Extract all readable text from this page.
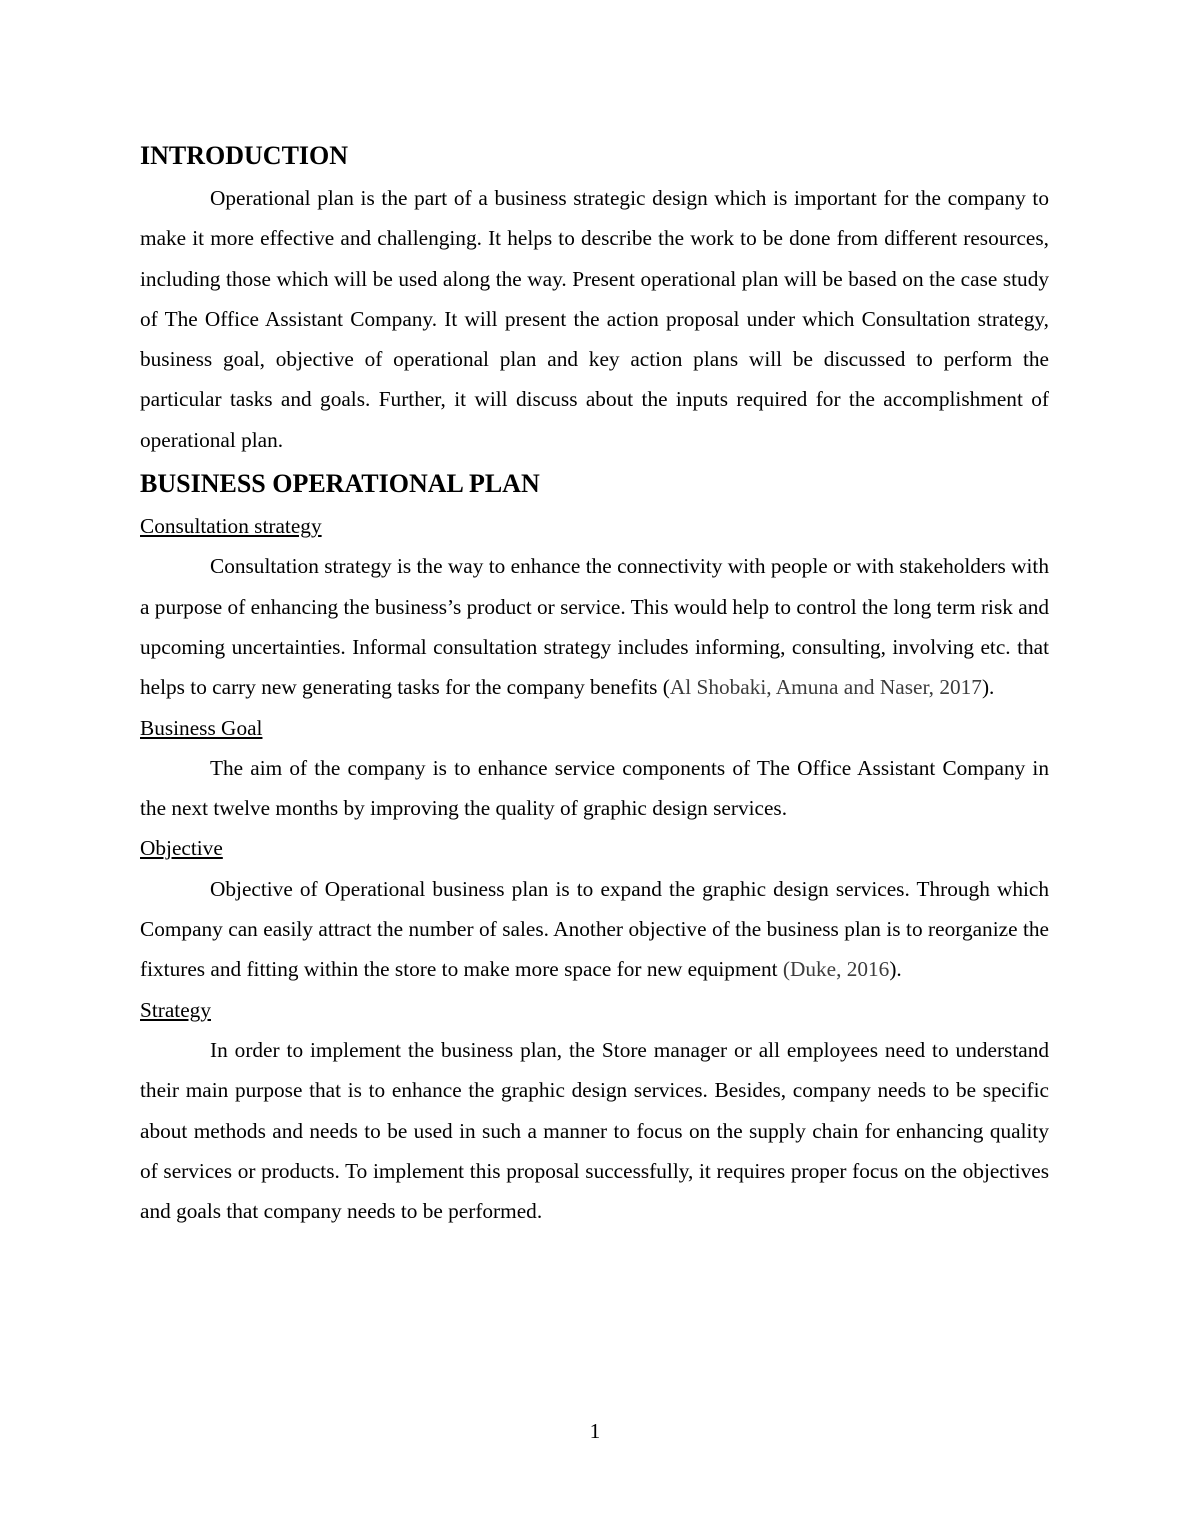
INTRODUCTION

Operational plan is the part of a business strategic design which is important for the company to make it more effective and challenging. It helps to describe the work to be done from different resources, including those which will be used along the way. Present operational plan will be based on the case study of The Office Assistant Company. It will present the action proposal under which Consultation strategy, business goal, objective of operational plan and key action plans will be discussed to perform the particular tasks and goals. Further, it will discuss about the inputs required for the accomplishment of operational plan.

BUSINESS OPERATIONAL PLAN
Consultation strategy

Consultation strategy is the way to enhance the connectivity with people or with stakeholders with a purpose of enhancing the business’s product or service. This would help to control the long term risk and upcoming uncertainties. Informal consultation strategy includes informing, consulting, involving etc. that helps to carry new generating tasks for the company benefits (Al Shobaki, Amuna and Naser, 2017).

Business Goal

The aim of the company is to enhance service components of The Office Assistant Company in the next twelve months by improving the quality of graphic design services.

Objective

Objective of Operational business plan is to expand the graphic design services. Through which Company can easily attract the number of sales. Another objective of the business plan is to reorganize the fixtures and fitting within the store to make more space for new equipment (Duke, 2016).

Strategy

In order to implement the business plan, the Store manager or all employees need to understand their main purpose that is to enhance the graphic design services. Besides, company needs to be specific about methods and needs to be used in such a manner to focus on the supply chain for enhancing quality of services or products. To implement this proposal successfully, it requires proper focus on the objectives and goals that company needs to be performed.

1
